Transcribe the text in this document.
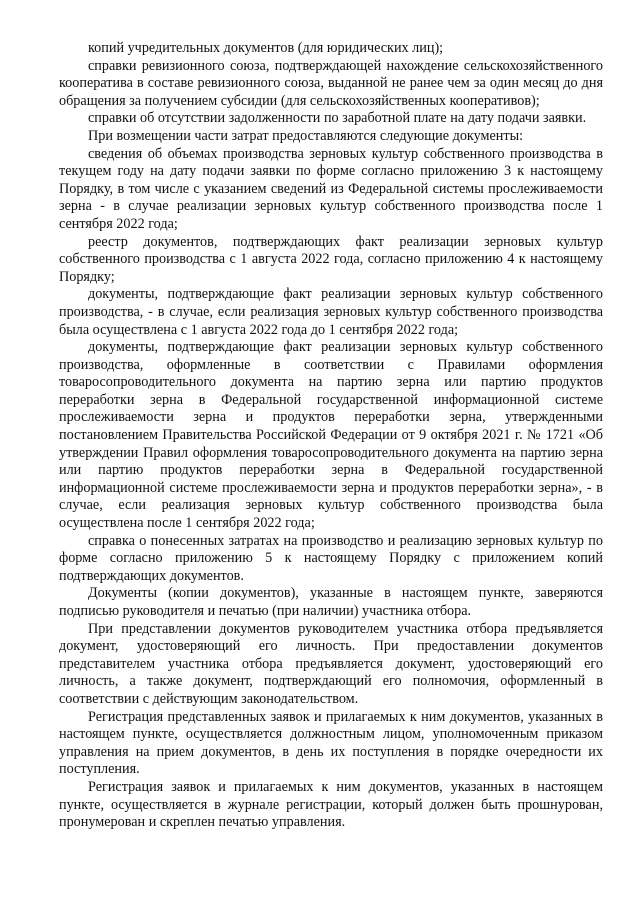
копий учредительных документов (для юридических лиц);

справки ревизионного союза, подтверждающей нахождение сельскохозяйственного кооператива в составе ревизионного союза, выданной не ранее чем за один месяц до дня обращения за получением субсидии (для сельскохозяйственных кооперативов);

справки об отсутствии задолженности по заработной плате на дату подачи заявки.

При возмещении части затрат предоставляются следующие документы:

сведения об объемах производства зерновых культур собственного производства в текущем году на дату подачи заявки по форме согласно приложению 3 к настоящему Порядку, в том числе с указанием сведений из Федеральной системы прослеживаемости зерна - в случае реализации зерновых культур собственного производства после 1 сентября 2022 года;

реестр документов, подтверждающих факт реализации зерновых культур собственного производства с 1 августа 2022 года, согласно приложению 4 к настоящему Порядку;

документы, подтверждающие факт реализации зерновых культур собственного производства, - в случае, если реализация зерновых культур собственного производства была осуществлена с 1 августа 2022 года до 1 сентября 2022 года;

документы, подтверждающие факт реализации зерновых культур собственного производства, оформленные в соответствии с Правилами оформления товаросопроводительного документа на партию зерна или партию продуктов переработки зерна в Федеральной государственной информационной системе прослеживаемости зерна и продуктов переработки зерна, утвержденными постановлением Правительства Российской Федерации от 9 октября 2021 г. № 1721 «Об утверждении Правил оформления товаросопроводительного документа на партию зерна или партию продуктов переработки зерна в Федеральной государственной информационной системе прослеживаемости зерна и продуктов переработки зерна», - в случае, если реализация зерновых культур собственного производства была осуществлена после 1 сентября 2022 года;

справка о понесенных затратах на производство и реализацию зерновых культур по форме согласно приложению 5 к настоящему Порядку с приложением копий подтверждающих документов.

Документы (копии документов), указанные в настоящем пункте, заверяются подписью руководителя и печатью (при наличии) участника отбора.

При представлении документов руководителем участника отбора предъявляется документ, удостоверяющий его личность. При предоставлении документов представителем участника отбора предъявляется документ, удостоверяющий его личность, а также документ, подтверждающий его полномочия, оформленный в соответствии с действующим законодательством.

Регистрация представленных заявок и прилагаемых к ним документов, указанных в настоящем пункте, осуществляется должностным лицом, уполномоченным приказом управления на прием документов, в день их поступления в порядке очередности их поступления.

Регистрация заявок и прилагаемых к ним документов, указанных в настоящем пункте, осуществляется в журнале регистрации, который должен быть прошнурован, пронумерован и скреплен печатью управления.
